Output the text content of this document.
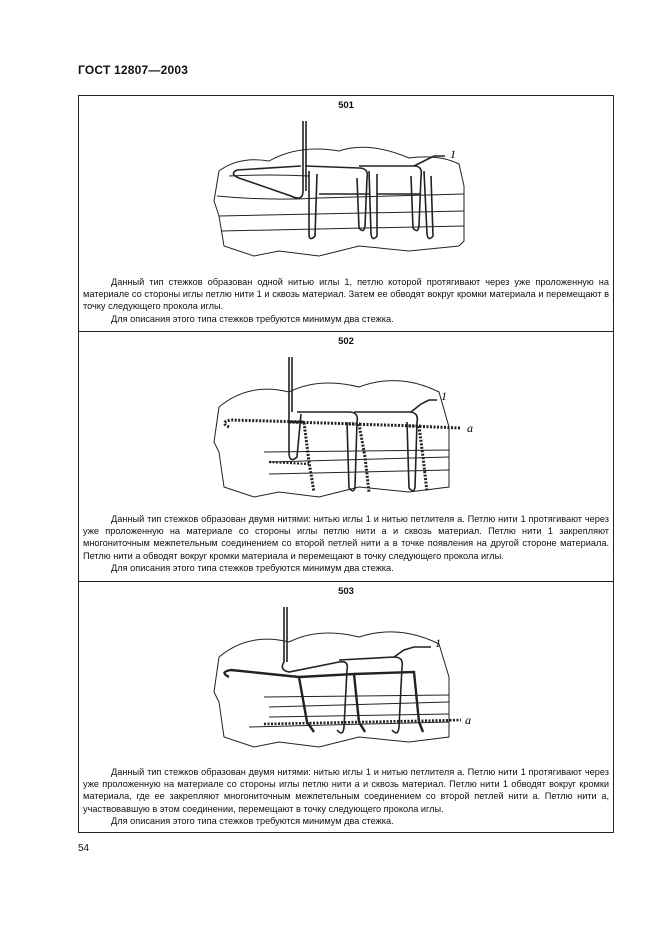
ГОСТ 12807—2003
501
1

Данный тип стежков образован одной нитью иглы 1, петлю которой протягивают через уже проложенную на материале со стороны иглы петлю нити 1 и сквозь материал. Затем ее обводят вокруг кромки материала и перемещают в точку следующего прокола иглы.

Для описания этого типа стежков требуются минимум два стежка.

502
1
a

Данный тип стежков образован двумя нитями: нитью иглы 1 и нитью петлителя a. Петлю нити 1 протягивают через уже проложенную на материале со стороны иглы петлю нити a и сквозь материал. Петлю нити 1 закрепляют многониточным межпетельным соединением со второй петлей нити a в точке появления на другой стороне материала. Петлю нити a обводят вокруг кромки материала и перемещают в точку следующего прокола иглы.

Для описания этого типа стежков требуются минимум два стежка.

503
1
a

Данный тип стежков образован двумя нитями: нитью иглы 1 и нитью петлителя a. Петлю нити 1 протягивают через уже проложенную на материале со стороны иглы петлю нити a и сквозь материал. Петлю нити 1 обводят вокруг кромки материала, где ее закрепляют многониточным межпетельным соединением со второй петлей нити a. Петлю нити a, участвовавшую в этом соединении, перемещают в точку следующего прокола иглы.

Для описания этого типа стежков требуются минимум два стежка.

54
